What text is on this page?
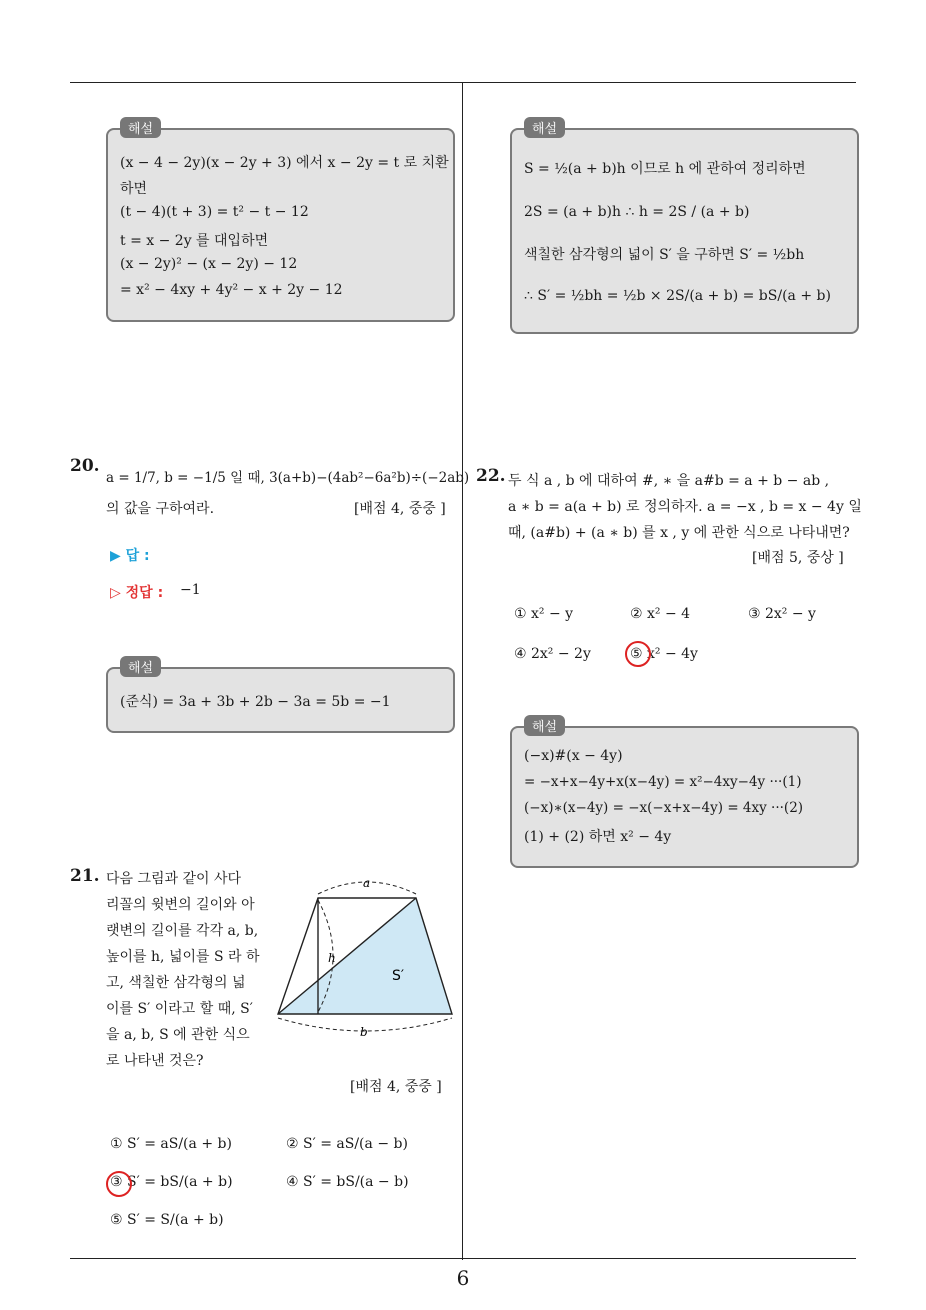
해설
(x − 4 − 2y)(x − 2y + 3) 에서 x − 2y = t 로 치환
하면
(t − 4)(t + 3) = t² − t − 12
t = x − 2y 를 대입하면
(x − 2y)² − (x − 2y) − 12
= x² − 4xy + 4y² − x + 2y − 12
해설
S = ½(a + b)h 이므로 h 에 관하여 정리하면
2S = (a + b)h ∴ h = 2S / (a + b)
색칠한 삼각형의 넓이 S′ 을 구하면 S′ = ½bh
∴ S′ = ½bh = ½b × 2S/(a + b) = bS/(a + b)
20.
a = 1/7, b = −1/5 일 때, 3(a+b)−(4ab²−6a²b)÷(−2ab)
의 값을 구하여라.	[배점 4, 중중 ]
▶ 답 :
▷ 정답 : −1
해설
(준식) = 3a + 3b + 2b − 3a = 5b = −1
21. 다음 그림과 같이 사다
리꼴의 윗변의 길이와 아
랫변의 길이를 각각 a, b,
높이를 h, 넓이를 S 라 하
고, 색칠한 삼각형의 넓
이를 S′ 이라고 할 때, S′
을 a, b, S 에 관한 식으
로 나타낸 것은?
a
b
h
S′
[배점 4, 중중 ]
① S′ = aS/(a + b)	② S′ = aS/(a − b)
③ S′ = bS/(a + b)	④ S′ = bS/(a − b)
⑤ S′ = S/(a + b)
22. 두 식 a , b 에 대하여 #, ∗ 을 a#b = a + b − ab ,
a ∗ b = a(a + b) 로 정의하자. a = −x , b = x − 4y 일
때, (a#b) + (a ∗ b) 를 x , y 에 관한 식으로 나타내면?
[배점 5, 중상 ]
① x² − y	② x² − 4	③ 2x² − y
④ 2x² − 2y	⑤ x² − 4y
해설
(−x)#(x − 4y)
= −x+x−4y+x(x−4y) = x²−4xy−4y ···(1)
(−x)∗(x−4y) = −x(−x+x−4y) = 4xy ···(2)
(1) + (2) 하면 x² − 4y
6
